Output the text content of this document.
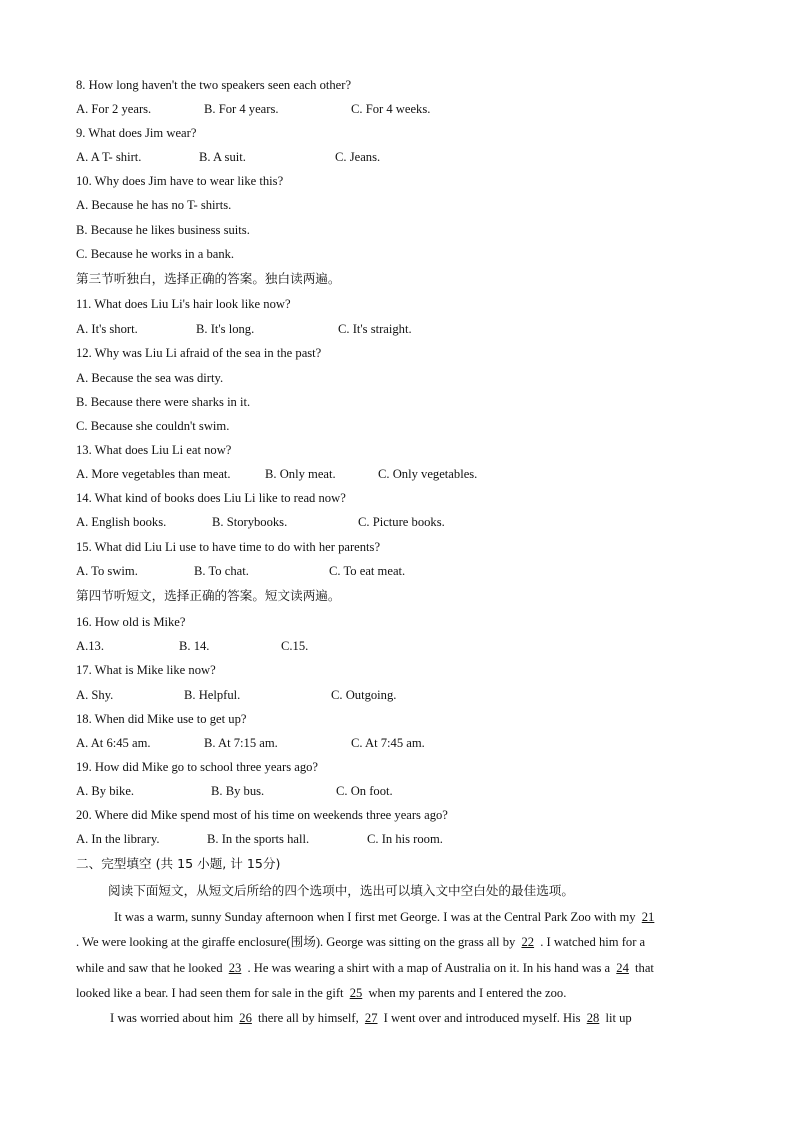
8. How long haven't the two speakers seen each other?
A. For 2 years.	B. For 4 years.	C. For 4 weeks.
9. What does Jim wear?
A. A T- shirt.	B. A suit.	C. Jeans.
10. Why does Jim have to wear like this?
A. Because he has no T- shirts.
B. Because he likes business suits.
C. Because he works in a bank.
第三节听独白，选择正确的答案。独白读两遍。
11. What does Liu Li's hair look like now?
A. It's short.	B. It's long.	C. It's straight.
12. Why was Liu Li afraid of the sea in the past?
A. Because the sea was dirty.
B. Because there were sharks in it.
C. Because she couldn't swim.
13. What does Liu Li eat now?
A. More vegetables than meat.	B. Only meat.	C. Only vegetables.
14. What kind of books does Liu Li like to read now?
A. English books.	B. Storybooks.	C. Picture books.
15. What did Liu Li use to have time to do with her parents?
A. To swim.	B. To chat.	C. To eat meat.
第四节听短文，选择正确的答案。短文读两遍。
16. How old is Mike?
A.13.	B. 14.	C.15.
17. What is Mike like now?
A. Shy.	B. Helpful.	C. Outgoing.
18. When did Mike use to get up?
A. At 6:45 am.	B. At 7:15 am.	C. At 7:45 am.
19. How did Mike go to school three years ago?
A. By bike.	B. By bus.	C. On foot.
20. Where did Mike spend most of his time on weekends three years ago?
A. In the library.	B. In the sports hall.	C. In his room.
二、完型填空 (共 15 小题, 计 15分)
阅读下面短文，从短文后所给的四个选项中，选出可以填入文中空白处的最佳选项。
It was a warm, sunny Sunday afternoon when I first met George. I was at the Central Park Zoo with my 21
. We were looking at the giraffe enclosure(围场). George was sitting on the grass all by 22 . I watched him for a
while and saw that he looked 23 . He was wearing a shirt with a map of Australia on it. In his hand was a 24 that
looked like a bear. I had seen them for sale in the gift 25 when my parents and I entered the zoo.
I was worried about him 26 there all by himself, 27 I went over and introduced myself. His 28 lit up
